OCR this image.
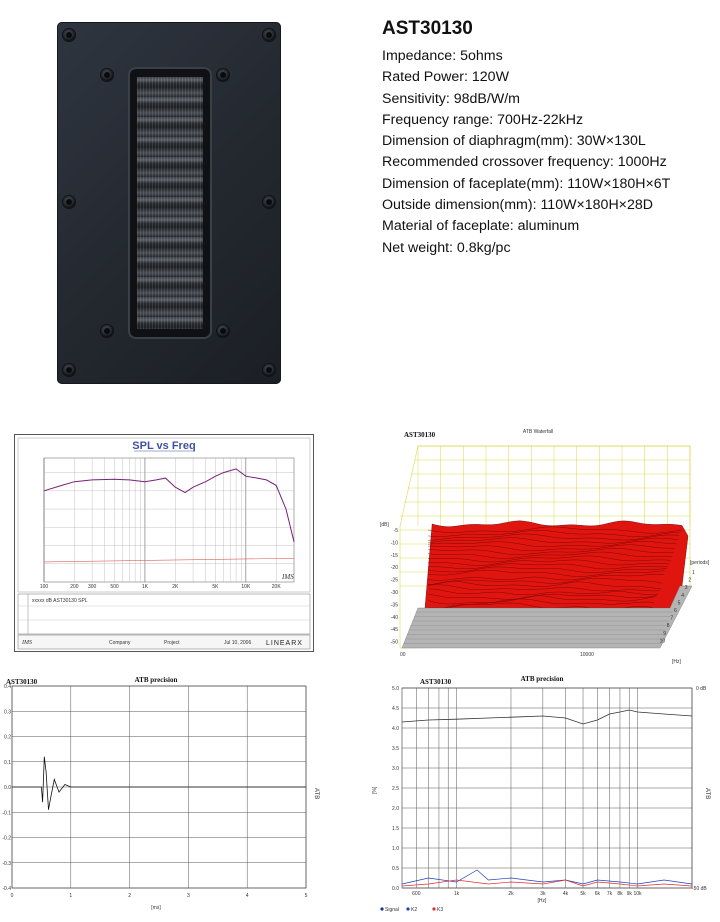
AST30130
Impedance: 5ohms
Rated Power: 120W
Sensitivity: 98dB/W/m
Frequency range: 700Hz-22kHz
Dimension of diaphragm(mm): 30W×130L
Recommended crossover frequency: 1000Hz
Dimension of faceplate(mm): 110W×180H×6T
Outside dimension(mm): 110W×180H×28D
Material of faceplate: aluminum
Net weight: 0.8kg/pc
SPL vs Freq
100	200 300	500	1K	2K	5K	10K	20K
IMS
xxxxx dB AST30130 SPL
IMS	Company	Project	Jul 10, 2006 LINEARX
AST30130	ATB Waterfall
[dB]
-5
-10
-15
-20
-25
-30
-35
-40
-45
-50
1
2
3
4
5
6
7
8
9
10
[periods]
00	10000
[Hz]
AST30130	ATB precision
0	1	2	3	4	5
0.4
0.3
0.2
0.1
0.0
-0.1
-0.2
-0.3
-0.4
[ms]
ATB
AST30130	ATB precision
5.0
4.5
4.0
3.5
3.0
2.5
2.0
1.5
1.0
0.5
0.0
600	1k	2k	3k	4k 5k 6k 7k 8k 9k 10k
[%]
0 dB
-50 dB
ATB
[Hz]
Signal K2	K3
